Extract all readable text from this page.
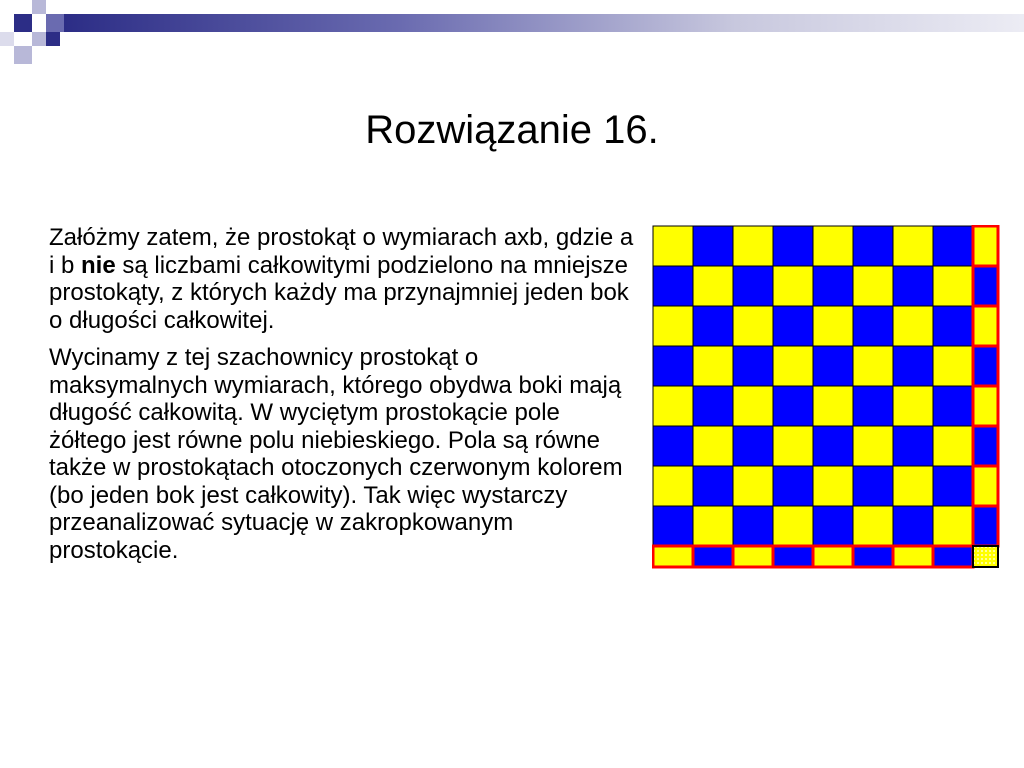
Rozwiązanie 16.

Załóżmy zatem, że prostokąt o wymiarach axb, gdzie a i b nie są liczbami całkowitymi podzielono na mniejsze prostokąty, z których każdy ma przynajmniej jeden bok o długości całkowitej.

Wycinamy z tej szachownicy prostokąt o maksymalnych wymiarach, którego obydwa boki mają długość całkowitą. W wyciętym prostokącie pole żółtego jest równe polu niebieskiego. Pola są równe także w prostokątach otoczonych czerwonym kolorem (bo jeden bok jest całkowity). Tak więc wystarczy przeanalizować sytuację w zakropkowanym prostokącie.
